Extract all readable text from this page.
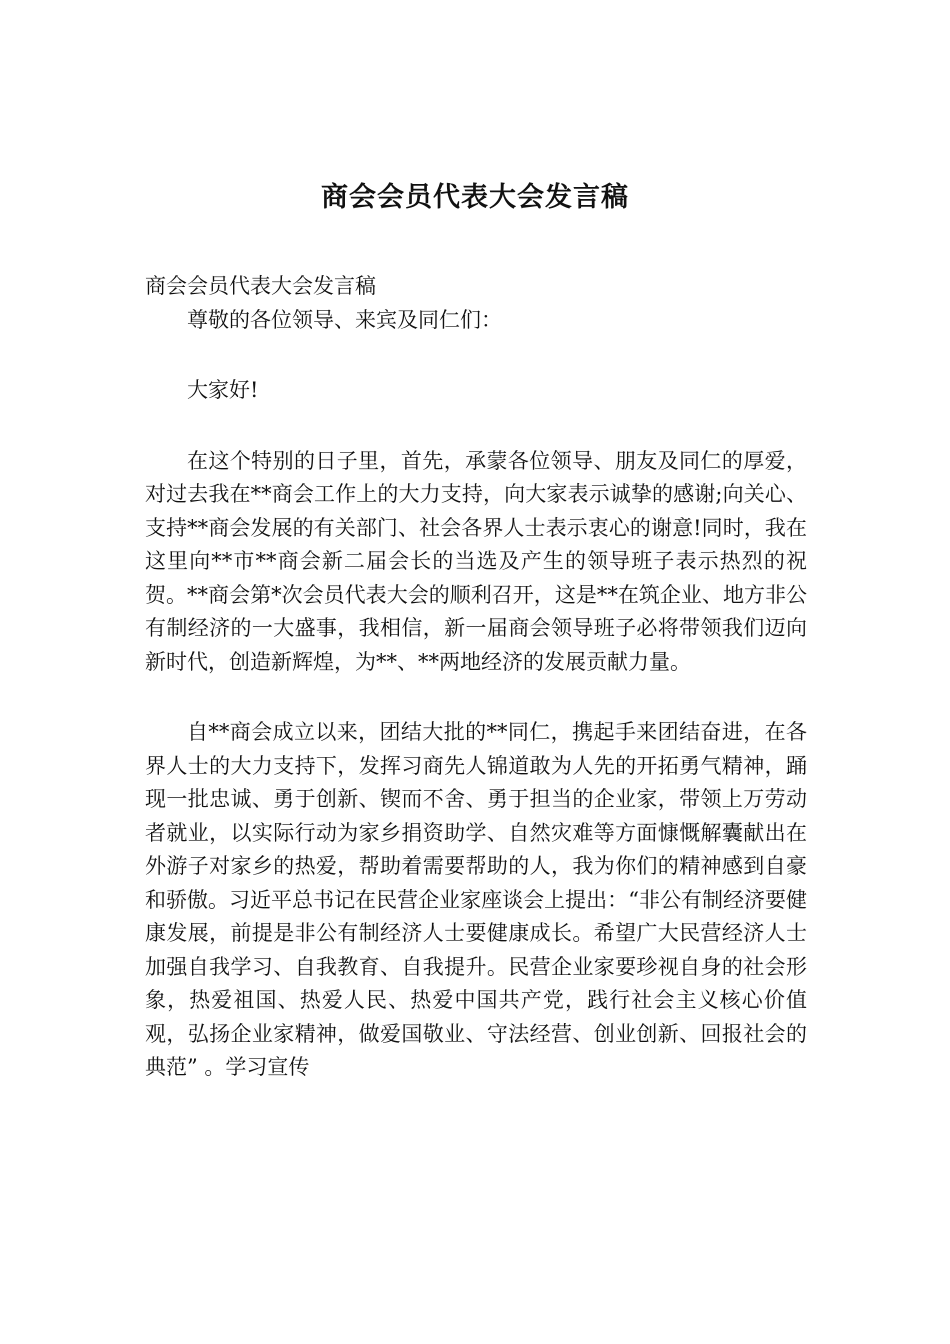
商会会员代表大会发言稿

商会会员代表大会发言稿

尊敬的各位领导、来宾及同仁们：

大家好!

在这个特别的日子里，首先，承蒙各位领导、朋友及同仁的厚爱，对过去我在**商会工作上的大力支持，向大家表示诚挚的感谢;向关心、支持**商会发展的有关部门、社会各界人士表示衷心的谢意!同时，我在这里向**市**商会新二届会长的当选及产生的领导班子表示热烈的祝贺。**商会第*次会员代表大会的顺利召开，这是**在筑企业、地方非公有制经济的一大盛事，我相信，新一届商会领导班子必将带领我们迈向新时代，创造新辉煌，为**、**两地经济的发展贡献力量。

自**商会成立以来，团结大批的**同仁，携起手来团结奋进，在各界人士的大力支持下，发挥习商先人锦道敢为人先的开拓勇气精神，踊现一批忠诚、勇于创新、锲而不舍、勇于担当的企业家，带领上万劳动者就业，以实际行动为家乡捐资助学、自然灾难等方面慷慨解囊献出在外游子对家乡的热爱，帮助着需要帮助的人，我为你们的精神感到自豪和骄傲。习近平总书记在民营企业家座谈会上提出：“非公有制经济要健康发展，前提是非公有制经济人士要健康成长。希望广大民营经济人士加强自我学习、自我教育、自我提升。民营企业家要珍视自身的社会形象，热爱祖国、热爱人民、热爱中国共产党，践行社会主义核心价值观，弘扬企业家精神，做爱国敬业、守法经营、创业创新、回报社会的典范” 。学习宣传
